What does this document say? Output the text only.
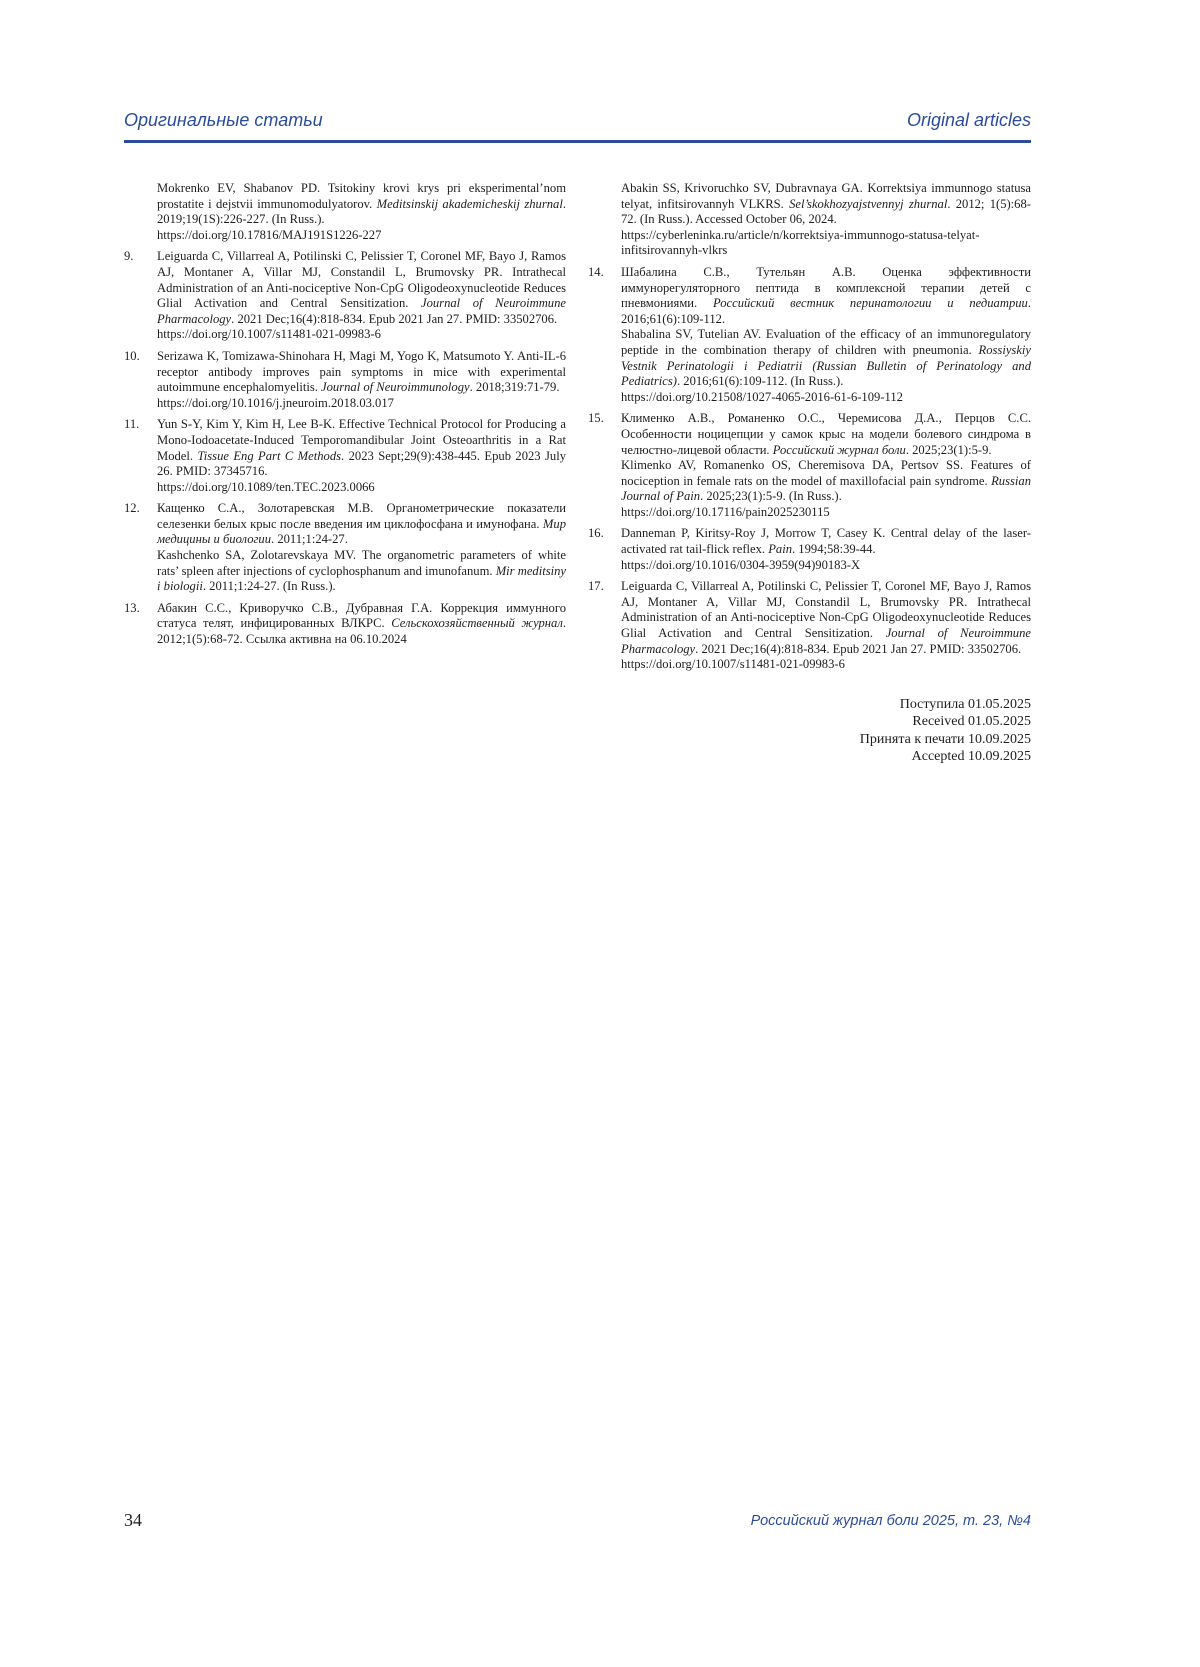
Оригинальные статьи	Original articles

Mokrenko EV, Shabanov PD. Tsitokiny krovi krys pri eksperimental’nom prostatite i dejstvii immunomodulyatorov. Meditsinskij akademicheskij zhurnal. 2019;19(1S):226-227. (In Russ.).
https://doi.org/10.17816/MAJ191S1226-227

9. Leiguarda C, Villarreal A, Potilinski C, Pelissier T, Coronel MF, Bayo J, Ramos AJ, Montaner A, Villar MJ, Constandil L, Brumovsky PR. Intrathecal Administration of an Anti-nociceptive Non-CpG Oligodeoxynucleotide Reduces Glial Activation and Central Sensitization. Journal of Neuroimmune Pharmacology. 2021 Dec;16(4):818-834. Epub 2021 Jan 27. PMID: 33502706.
https://doi.org/10.1007/s11481-021-09983-6

10. Serizawa K, Tomizawa-Shinohara H, Magi M, Yogo K, Matsumoto Y. Anti-IL-6 receptor antibody improves pain symptoms in mice with experimental autoimmune encephalomyelitis. Journal of Neuroimmunology. 2018;319:71-79.
https://doi.org/10.1016/j.jneuroim.2018.03.017

11. Yun S-Y, Kim Y, Kim H, Lee B-K. Effective Technical Protocol for Producing a Mono-Iodoacetate-Induced Temporomandibular Joint Osteoarthritis in a Rat Model. Tissue Eng Part C Methods. 2023 Sept;29(9):438-445. Epub 2023 July 26. PMID: 37345716.
https://doi.org/10.1089/ten.TEC.2023.0066

12. Кащенко С.А., Золотаревская М.В. Органометрические показатели селезенки белых крыс после введения им циклофосфана и имунофана. Мир медицины и биологии. 2011;1:24-27.
Kashchenko SA, Zolotarevskaya MV. The organometric parameters of white rats’ spleen after injections of cyclophosphanum and imunofanum. Mir meditsiny i biologii. 2011;1:24-27. (In Russ.).

13. Абакин С.С., Криворучко С.В., Дубравная Г.А. Коррекция иммунного статуса телят, инфицированных ВЛКРС. Сельскохозяйственный журнал. 2012;1(5):68-72. Ссылка активна на 06.10.2024

Abakin SS, Krivoruchko SV, Dubravnaya GA. Korrektsiya immunnogo statusa telyat, infitsirovannyh VLKRS. Sel’skokhozyajstvennyj zhurnal. 2012; 1(5):68-72. (In Russ.). Accessed October 06, 2024.
https://cyberleninka.ru/article/n/korrektsiya-immunnogo-statusa-telyat-infitsirovannyh-vlkrs

14. Шабалина С.В., Тутельян А.В. Оценка эффективности иммунорегуляторного пептида в комплексной терапии детей с пневмониями. Российский вестник перинатологии и педиатрии. 2016;61(6):109-112.
Shabalina SV, Tutelian AV. Evaluation of the efficacy of an immunoregulatory peptide in the combination therapy of children with pneumonia. Rossiyskiy Vestnik Perinatologii i Pediatrii (Russian Bulletin of Perinatology and Pediatrics). 2016;61(6):109-112. (In Russ.).
https://doi.org/10.21508/1027-4065-2016-61-6-109-112

15. Клименко А.В., Романенко О.С., Черемисова Д.А., Перцов С.С. Особенности ноцицепции у самок крыс на модели болевого синдрома в челюстно-лицевой области. Российский журнал боли. 2025;23(1):5-9.
Klimenko AV, Romanenko OS, Cheremisova DA, Pertsov SS. Features of nociception in female rats on the model of maxillofacial pain syndrome. Russian Journal of Pain. 2025;23(1):5-9. (In Russ.).
https://doi.org/10.17116/pain2025230115

16. Danneman P, Kiritsy-Roy J, Morrow T, Casey K. Central delay of the laser-activated rat tail-flick reflex. Pain. 1994;58:39-44.
https://doi.org/10.1016/0304-3959(94)90183-X

17. Leiguarda C, Villarreal A, Potilinski C, Pelissier T, Coronel MF, Bayo J, Ramos AJ, Montaner A, Villar MJ, Constandil L, Brumovsky PR. Intrathecal Administration of an Anti-nociceptive Non-CpG Oligodeoxynucleotide Reduces Glial Activation and Central Sensitization. Journal of Neuroimmune Pharmacology. 2021 Dec;16(4):818-834. Epub 2021 Jan 27. PMID: 33502706.
https://doi.org/10.1007/s11481-021-09983-6

Поступила 01.05.2025
Received 01.05.2025
Принята к печати 10.09.2025
Accepted 10.09.2025
34	Российский журнал боли 2025, т. 23, №4
